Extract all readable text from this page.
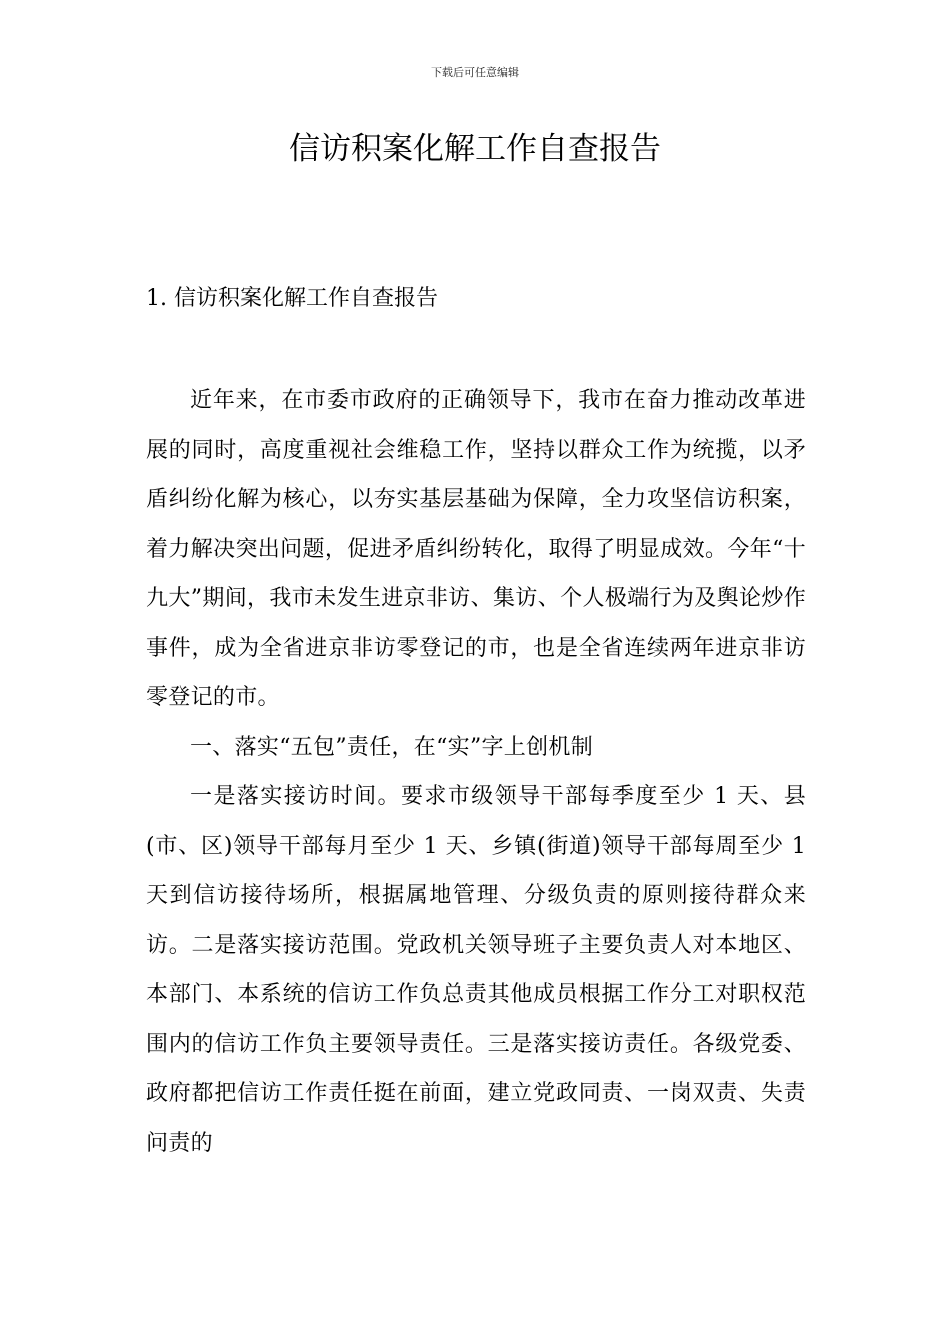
下载后可任意编辑
信访积案化解工作自查报告
1. 信访积案化解工作自查报告

近年来，在市委市政府的正确领导下，我市在奋力推动改革进展的同时，高度重视社会维稳工作，坚持以群众工作为统揽，以矛盾纠纷化解为核心，以夯实基层基础为保障，全力攻坚信访积案，着力解决突出问题，促进矛盾纠纷转化，取得了明显成效。今年“十九大”期间，我市未发生进京非访、集访、个人极端行为及舆论炒作事件，成为全省进京非访零登记的市，也是全省连续两年进京非访零登记的市。

一、落实“五包”责任，在“实”字上创机制

一是落实接访时间。要求市级领导干部每季度至少 1 天、县(市、区)领导干部每月至少 1 天、乡镇(街道)领导干部每周至少 1 天到信访接待场所，根据属地管理、分级负责的原则接待群众来访。二是落实接访范围。党政机关领导班子主要负责人对本地区、本部门、本系统的信访工作负总责其他成员根据工作分工对职权范围内的信访工作负主要领导责任。三是落实接访责任。各级党委、政府都把信访工作责任挺在前面，建立党政同责、一岗双责、失责问责的
